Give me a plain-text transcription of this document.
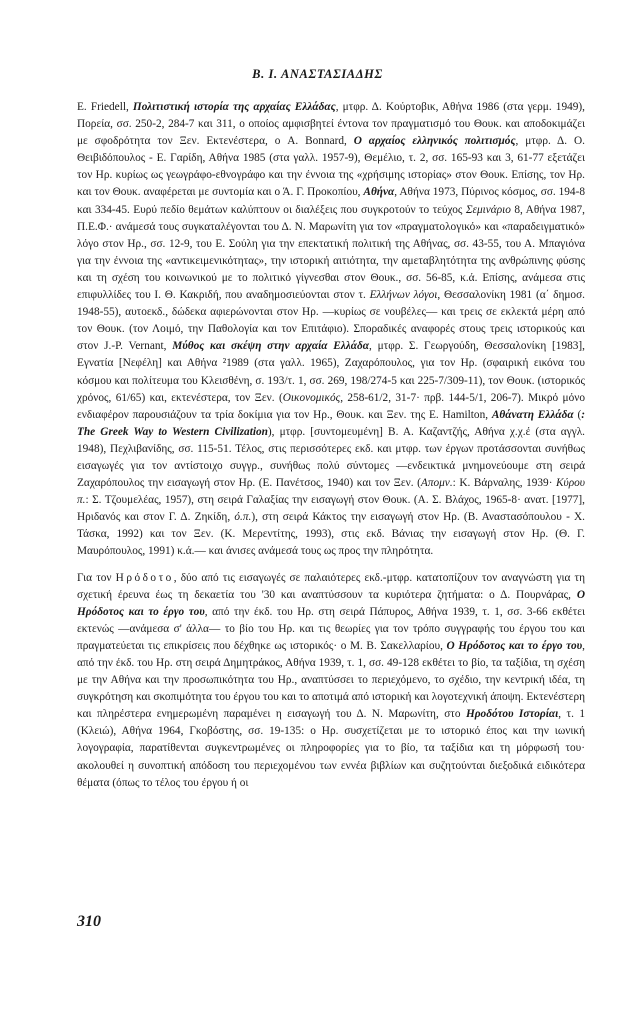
Β. Ι. ΑΝΑΣΤΑΣΙΑΔΗΣ

E. Friedell, Πολιτιστική ιστορία της αρχαίας Ελλάδας, μτφρ. Δ. Κούρτοβικ, Αθήνα 1986 (στα γερμ. 1949), Πορεία, σσ. 250-2, 284-7 και 311, ο οποίος αμφισβητεί έντονα τον πραγματισμό του Θουκ. και αποδοκιμάζει με σφοδρότητα τον Ξεν. Εκτενέστερα, ο A. Bonnard, Ο αρχαίος ελληνικός πολιτισμός, μτφρ. Δ. Ο. Θειβιδόπουλος - Ε. Γαρίδη, Αθήνα 1985 (στα γαλλ. 1957-9), Θεμέλιο, τ. 2, σσ. 165-93 και 3, 61-77 εξετάζει τον Ηρ. κυρίως ως γεωγράφο-εθνογράφο και την έννοια της «χρήσιμης ιστορίας» στον Θουκ. Επίσης, τον Ηρ. και τον Θουκ. αναφέρεται με συντομία και ο Ά. Γ. Προκοπίου, Αθήνα, Αθήνα 1973, Πύρινος κόσμος, σσ. 194-8 και 334-45. Ευρύ πεδίο θεμάτων καλύπτουν οι διαλέξεις που συγκροτούν το τεύχος Σεμινάριο 8, Αθήνα 1987, Π.Ε.Φ.· ανάμεσά τους συγκαταλέγονται του Δ. Ν. Μαρωνίτη για τον «πραγματολογικό» και «παραδειγματικό» λόγο στον Ηρ., σσ. 12-9, του Ε. Σούλη για την επεκτατική πολιτική της Αθήνας, σσ. 43-55, του Α. Μπαγιόνα για την έννοια της «αντικειμενικότητας», την ιστορική αιτιότητα, την αμεταβλητότητα της ανθρώπινης φύσης και τη σχέση του κοινωνικού με το πολιτικό γίγνεσθαι στον Θουκ., σσ. 56-85, κ.ά. Επίσης, ανάμεσα στις επιφυλλίδες του Ι. Θ. Κακριδή, που αναδημοσιεύονται στον τ. Ελλήνων λόγοι, Θεσσαλονίκη 1981 (α΄ δημοσ. 1948-55), αυτοεκδ., δώδεκα αφιερώνονται στον Ηρ. —κυρίως σε νουβέλες— και τρεις σε εκλεκτά μέρη από τον Θουκ. (τον Λοιμό, την Παθολογία και τον Επιτάφιο). Σποραδικές αναφορές στους τρεις ιστορικούς και στον J.-P. Vernant, Μύθος και σκέψη στην αρχαία Ελλάδα, μτφρ. Σ. Γεωργούδη, Θεσσαλονίκη [1983], Εγνατία [Νεφέλη] και Αθήνα ²1989 (στα γαλλ. 1965), Ζαχαρόπουλος, για τον Ηρ. (σφαιρική εικόνα του κόσμου και πολίτευμα του Κλεισθένη, σ. 193/τ. 1, σσ. 269, 198/274-5 και 225-7/309-11), τον Θουκ. (ιστορικός χρόνος, 61/65) και, εκτενέστερα, τον Ξεν. (Οικονομικός, 258-61/2, 31-7· πρβ. 144-5/1, 206-7). Μικρό μόνο ενδιαφέρον παρουσιάζουν τα τρία δοκίμια για τον Ηρ., Θουκ. και Ξεν. της E. Hamilton, Αθάνατη Ελλάδα (: The Greek Way to Western Civilization), μτφρ. [συντομευμένη] Β. Α. Καζαντζής, Αθήνα χ.χ.έ (στα αγγλ. 1948), Πεχλιβανίδης, σσ. 115-51. Τέλος, στις περισσότερες εκδ. και μτφρ. των έργων προτάσσονται συνήθως εισαγωγές για τον αντίστοιχο συγγρ., συνήθως πολύ σύντομες —ενδεικτικά μνημονεύουμε στη σειρά Ζαχαρόπουλος την εισαγωγή στον Ηρ. (Ε. Πανέτσος, 1940) και τον Ξεν. (Απομν.: Κ. Βάρναλης, 1939· Κύρου π.: Σ. Τζουμελέας, 1957), στη σειρά Γαλαξίας την εισαγωγή στον Θουκ. (Α. Σ. Βλάχος, 1965-8· ανατ. [1977], Ηριδανός και στον Γ. Δ. Ζηκίδη, ό.π.), στη σειρά Κάκτος την εισαγωγή στον Ηρ. (Β. Αναστασόπουλου - Χ. Τάσκα, 1992) και τον Ξεν. (Κ. Μερεντίτης, 1993), στις εκδ. Βάνιας την εισαγωγή στον Ηρ. (Θ. Γ. Μαυρόπουλος, 1991) κ.ά.— και άνισες ανάμεσά τους ως προς την πληρότητα.

Για τον Ηρόδοτο, δύο από τις εισαγωγές σε παλαιότερες εκδ.-μτφρ. κατατοπίζουν τον αναγνώστη για τη σχετική έρευνα έως τη δεκαετία του '30 και αναπτύσσουν τα κυριότερα ζητήματα: ο Δ. Πουρνάρας, Ο Ηρόδοτος και το έργο του, από την έκδ. του Ηρ. στη σειρά Πάπυρος, Αθήνα 1939, τ. 1, σσ. 3-66 εκθέτει εκτενώς —ανάμεσα σ' άλλα— το βίο του Ηρ. και τις θεωρίες για τον τρόπο συγγραφής του έργου του και πραγματεύεται τις επικρίσεις που δέχθηκε ως ιστορικός· ο Μ. Β. Σακελλαρίου, Ο Ηρόδοτος και το έργο του, από την έκδ. του Ηρ. στη σειρά Δημητράκος, Αθήνα 1939, τ. 1, σσ. 49-128 εκθέτει το βίο, τα ταξίδια, τη σχέση με την Αθήνα και την προσωπικότητα του Ηρ., αναπτύσσει το περιεχόμενο, το σχέδιο, την κεντρική ιδέα, τη συγκρότηση και σκοπιμότητα του έργου του και το αποτιμά από ιστορική και λογοτεχνική άποψη. Εκτενέστερη και πληρέστερα ενημερωμένη παραμένει η εισαγωγή του Δ. Ν. Μαρωνίτη, στο Ηροδότου Ιστορίαι, τ. 1 (Κλειώ), Αθήνα 1964, Γκοβόστης, σσ. 19-135: ο Ηρ. συσχετίζεται με το ιστορικό έπος και την ιωνική λογογραφία, παρατίθενται συγκεντρωμένες οι πληροφορίες για το βίο, τα ταξίδια και τη μόρφωσή του· ακολουθεί η συνοπτική απόδοση του περιεχομένου των εννέα βιβλίων και συζητούνται διεξοδικά ειδικότερα θέματα (όπως το τέλος του έργου ή οι

310
